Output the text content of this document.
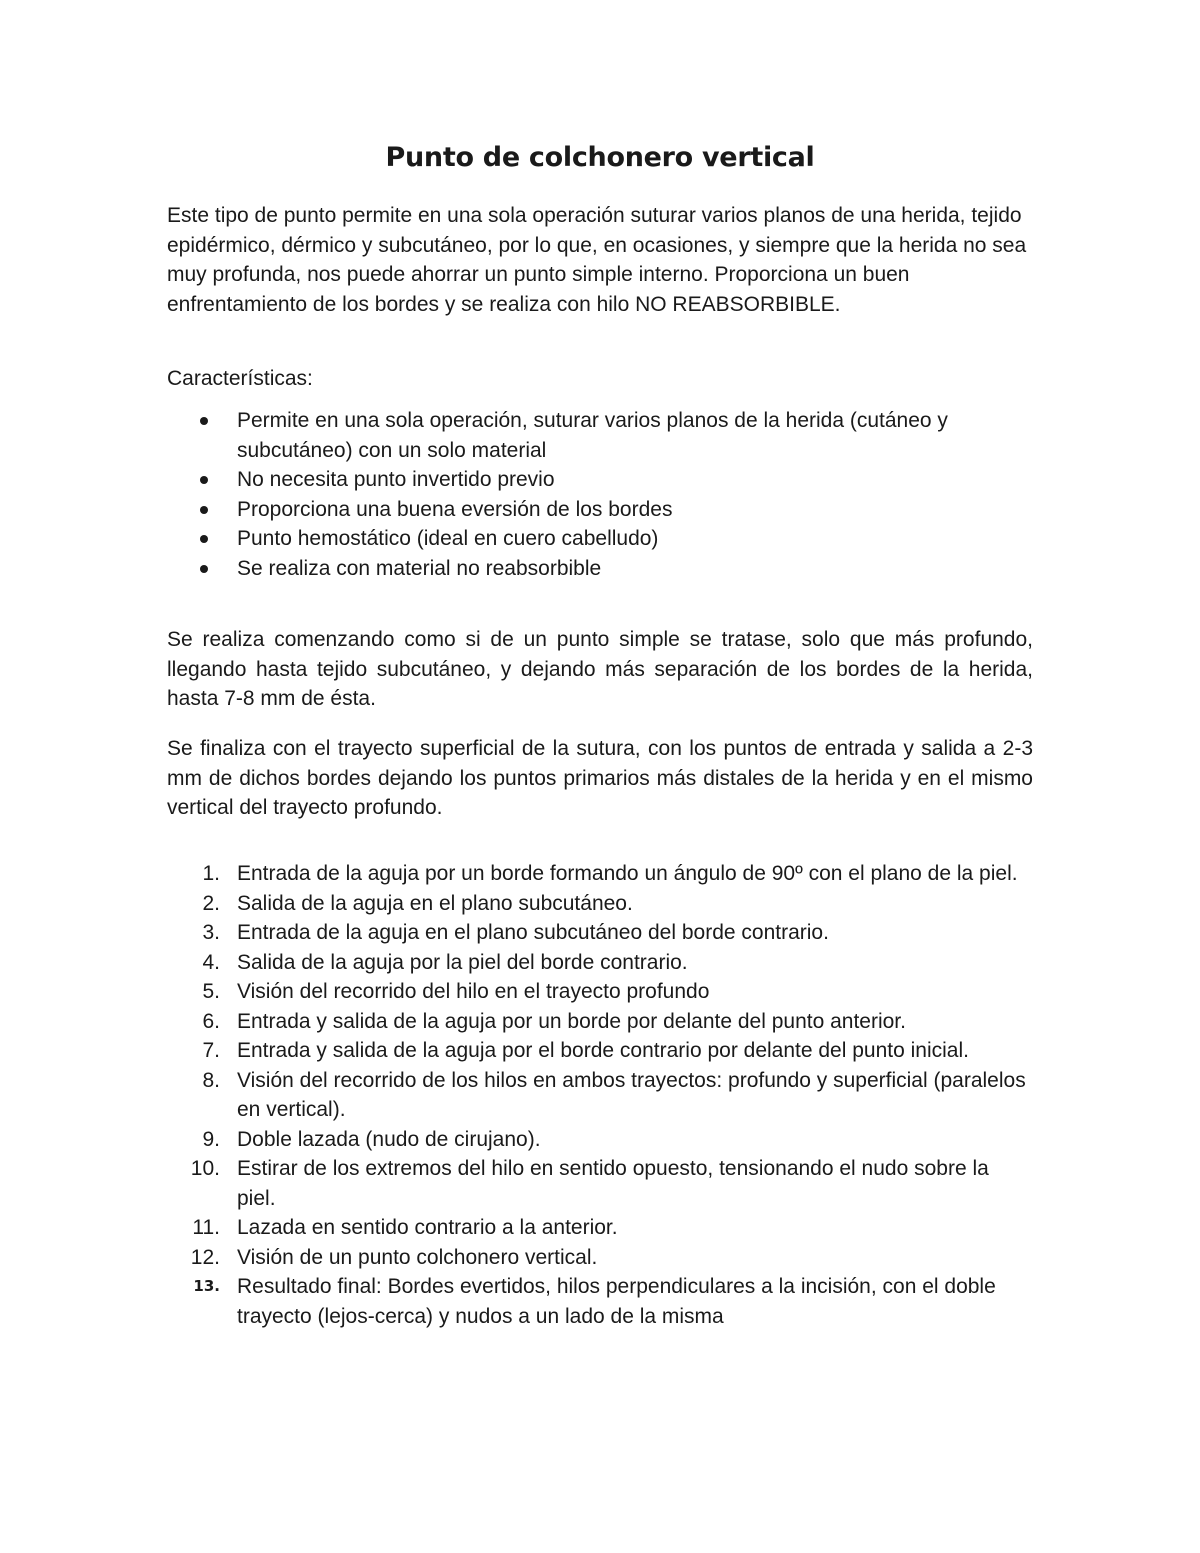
Punto de colchonero vertical

Este tipo de punto permite en una sola operación suturar varios planos de una herida, tejido epidérmico, dérmico y subcutáneo, por lo que, en ocasiones, y siempre que la herida no sea muy profunda, nos puede ahorrar un punto simple interno. Proporciona un buen enfrentamiento de los bordes y se realiza con hilo NO REABSORBIBLE.

Características:

Permite en una sola operación, suturar varios planos de la herida (cutáneo y subcutáneo) con un solo material
No necesita punto invertido previo
Proporciona una buena eversión de los bordes
Punto hemostático (ideal en cuero cabelludo)
Se realiza con material no reabsorbible

Se realiza comenzando como si de un punto simple se tratase, solo que más profundo, llegando hasta tejido subcutáneo, y dejando más separación de los bordes de la herida, hasta 7-8 mm de ésta.

Se finaliza con el trayecto superficial de la sutura, con los puntos de entrada y salida a 2-3 mm de dichos bordes dejando los puntos primarios más distales de la herida y en el mismo vertical del trayecto profundo.

1. Entrada de la aguja por un borde formando un ángulo de 90º con el plano de la piel.
2. Salida de la aguja en el plano subcutáneo.
3. Entrada de la aguja en el plano subcutáneo del borde contrario.
4. Salida de la aguja por la piel del borde contrario.
5. Visión del recorrido del hilo en el trayecto profundo
6. Entrada y salida de la aguja por un borde por delante del punto anterior.
7. Entrada y salida de la aguja por el borde contrario por delante del punto inicial.
8. Visión del recorrido de los hilos en ambos trayectos: profundo y superficial (paralelos en vertical).
9. Doble lazada (nudo de cirujano).
10. Estirar de los extremos del hilo en sentido opuesto, tensionando el nudo sobre la piel.
11. Lazada en sentido contrario a la anterior.
12. Visión de un punto colchonero vertical.
13. Resultado final: Bordes evertidos, hilos perpendiculares a la incisión, con el doble trayecto (lejos-cerca) y nudos a un lado de la misma
